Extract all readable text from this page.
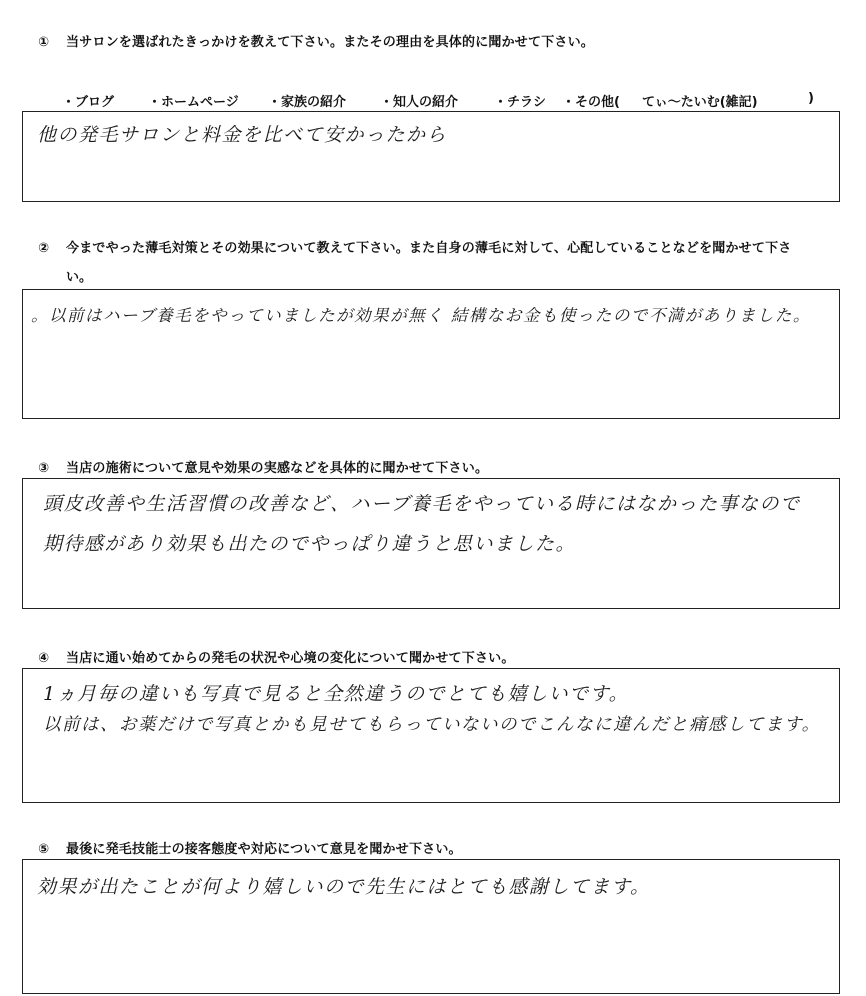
① 当サロンを選ばれたきっかけを教えて下さい。またその理由を具体的に聞かせて下さい。
・ブログ	・ホームページ ・家族の紹介	・知人の紹介	・チラシ ・その他( てぃ〜たいむ(雑記)	)
他の発毛サロンと料金を比べて安かったから
② 今までやった薄毛対策とその効果について教えて下さい。また自身の薄毛に対して、心配していることなどを聞かせて下さ
い。
。以前はハーブ養毛をやっていましたが効果が無く 結構なお金も使ったので不満がありました。
③ 当店の施術について意見や効果の実感などを具体的に聞かせて下さい。
頭皮改善や生活習慣の改善など、ハーブ養毛をやっている時にはなかった事なので
期待感があり効果も出たのでやっぱり違うと思いました。
④ 当店に通い始めてからの発毛の状況や心境の変化について聞かせて下さい。
1ヵ月毎の違いも写真で見ると全然違うのでとても嬉しいです。
以前は、お薬だけで写真とかも見せてもらっていないのでこんなに違んだと痛感してます。
⑤ 最後に発毛技能士の接客態度や対応について意見を聞かせ下さい。
効果が出たことが何より嬉しいので先生にはとても感謝してます。
